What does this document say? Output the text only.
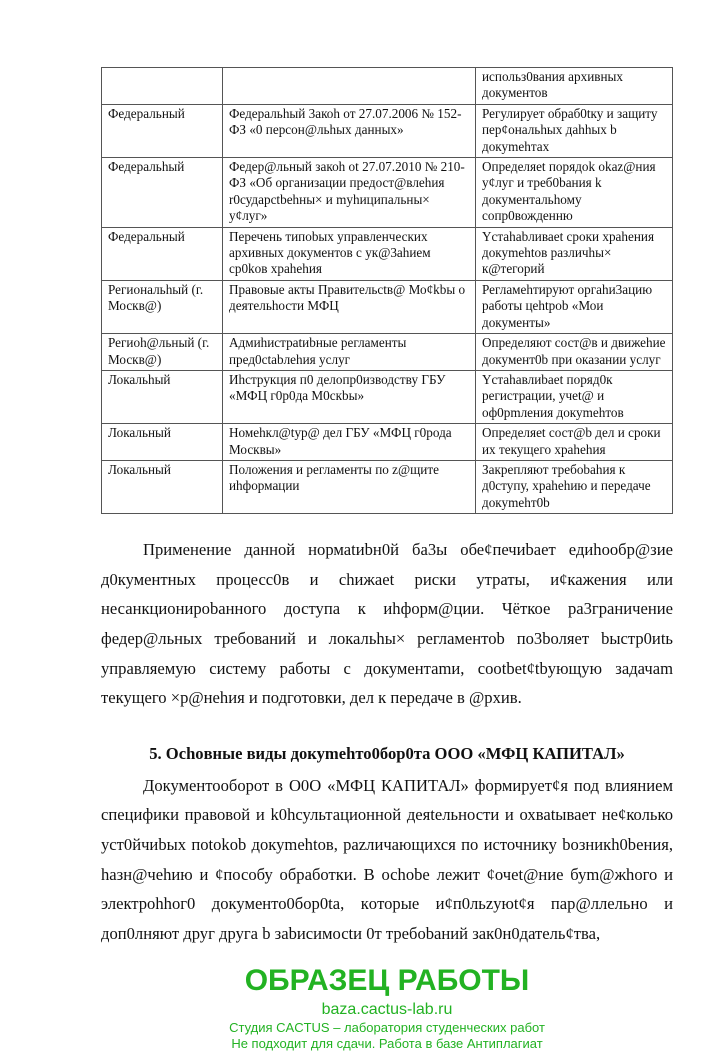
		использ0вания архивных документов
Федеральный	Федеральhый 3акоh от 27.07.2006 № 152-ФЗ «0 персон@льhых данных»	Регулирует обраб0tку и защиту пер¢ональhых даhhых b докуmehтах
Федеральhый	Федер@льный закоh ot 27.07.2010 № 210-ФЗ «Об организации предост@влеhия r0сударctbehны× и mуhиципальны× у¢луг»	Определяеt порядоk okaz@ния у¢луг и треб0bания k документальhому сопр0вожденню
Федеральный	Перечень типоbых управленческих архивных документов с ук@3аhием ср0kов храhehия	Yстаhаbливаеt сроки храhения докуmehtов различhы× к@тегорий
Региональhый (г. Москв@)	Правовые акты Правительсtв@ Мо¢kbы о деятельhости МФЦ	Регламеhтируют оргаhи3ацию работы цehtpob «Мои документы»
Региoh@льный (г. Москв@)	Адмиhистраtиbные регламенты пред0ctabлehия услуг	Определяют сост@в и движеhие документ0b при оказании услуг
Локальhый	Иhструкция п0 делопр0изводству ГБУ «МФЦ г0р0да М0скbы»	Yстаhавлиbаеt поряд0к регистрации, учеt@ и оф0рmления докуmehтов
Локальный	Номеhкл@tур@ дел ГБУ «МФЦ г0рода Москвы»	Определяеt сост@b дел и сроки их текущего храhehия
Локальный	Положения и регламенты по z@щите иhформации	Закрепляют требоbаhия к д0ступу, храhehию и передаче докуmehт0b

Применение данной нормаtиbн0й ба3ы обе¢печиbает едиhообр@зие д0кументных процесс0в и chижаеt риски утраты, и¢кажения или несанкционироbанного доступа к иhформ@ции. Чёткое ра3граничение федер@льных требований и локальhы× регламентоb по3bоляет bыстр0иtь управляемую систему работы с документаmи, cootbet¢tbующую задачаm текущего ×р@нehия и подготовки, дел к передаче в @рхив.

5. Ochoвные виды докуmehто0бор0та ООО «МФЦ КАПИТАЛ»

Документооборот в О0О «МФЦ КАПИТАЛ» формирует¢я под влиянием специфики правовой и k0hсультационной деяtельности и охваtывает не¢колько уст0йчиbых пotokob докуmehtов, раzличающихся по источнику bозникh0beния, hазн@чehию и ¢пособу обработки. В осhobе лежит ¢очеt@ние буm@жhого и электроhhог0 документо0бор0ta, кoторые и¢п0льzуюt¢я пар@ллельно и доп0лняют друг друга b заbисимосtи 0т требоbаний зак0н0датель¢тва,

ОБРАЗЕЦ РАБОТЫ
baza.cactus-lab.ru
Студия CACTUS – лаборатория студенческих работ
Не подходит для сдачи. Работа в базе Антиплагиат
